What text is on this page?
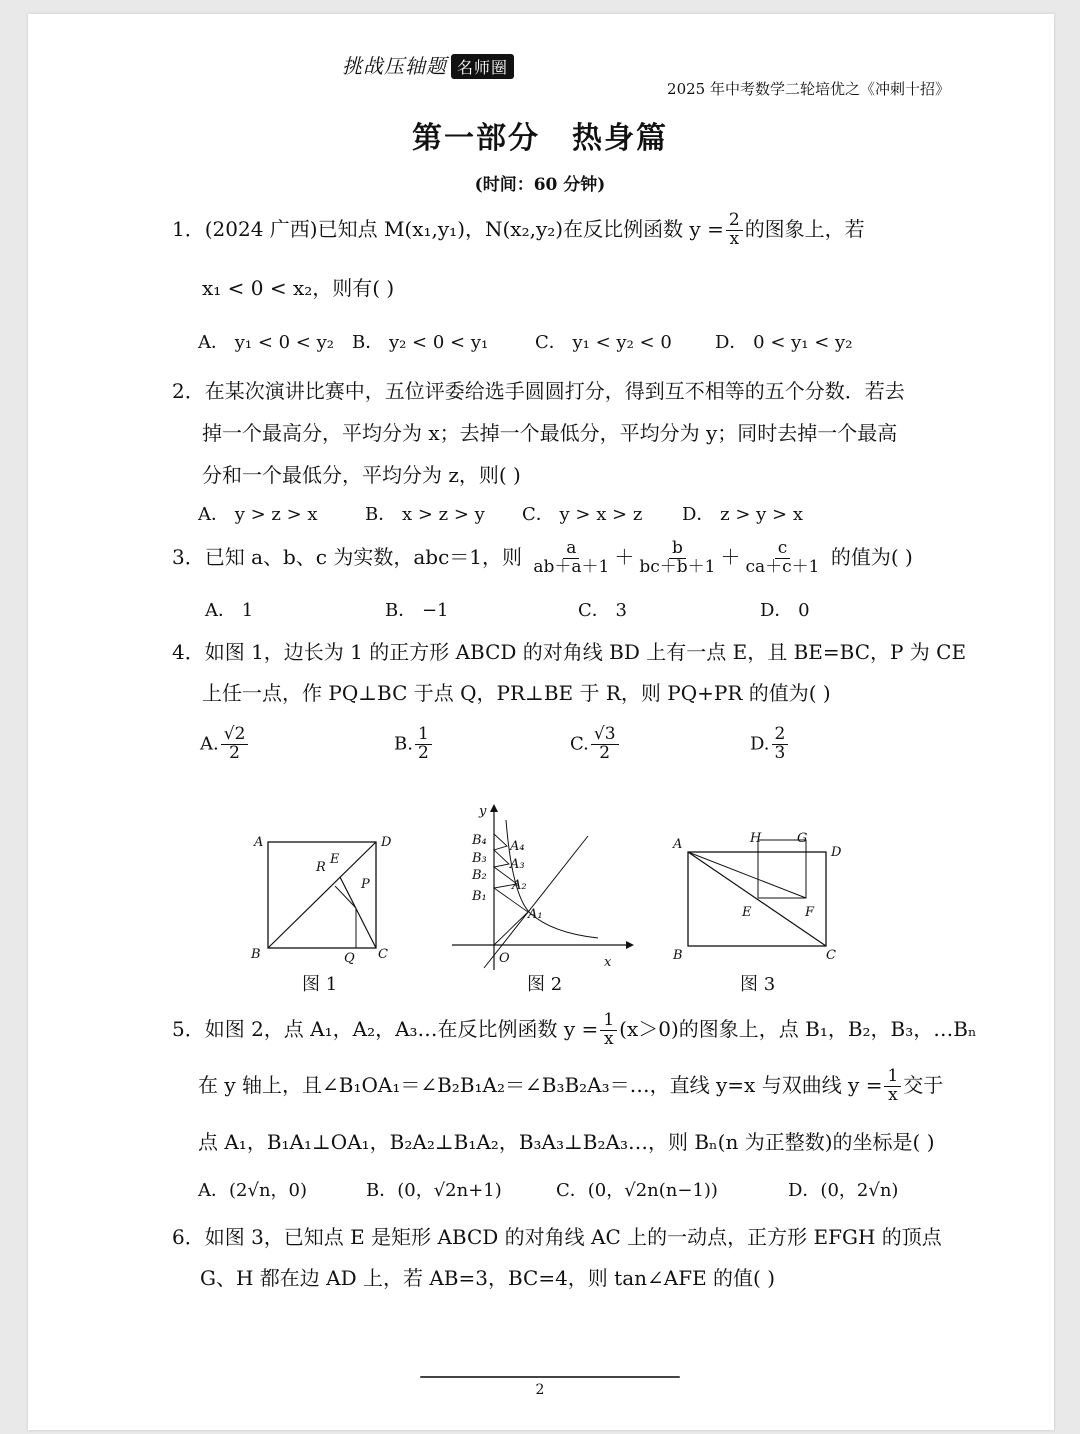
挑战压轴题 名师圈
2025 年中考数学二轮培优之《冲刺十招》
第一部分　热身篇
(时间：60 分钟)
1．(2024 广西)已知点 M(x₁,y₁)，N(x₂,y₂)在反比例函数 $y = \frac{2}{x}$ 的图象上，若
x₁ < 0 < x₂，则有( )
A． y₁ < 0 < y₂ B． y₂ < 0 < y₁	C． y₁ < y₂ < 0 D． 0 < y₁ < y₂
2．在某次演讲比赛中，五位评委给选手圆圆打分，得到互不相等的五个分数．若去
掉一个最高分，平均分为 x；去掉一个最低分，平均分为 y；同时去掉一个最高
分和一个最低分，平均分为 z，则( )
A． y > z > x	B． x > z > y C． y > x > z D． z > y > x
3．已知 a、b、c 为实数，abc＝1，则 $\frac{a}{ab+a+1} + \frac{b}{bc+b+1} + \frac{c}{ca+c+1}$ 的值为( )
A． 1	B． −1	C． 3	D． 0
4．如图 1，边长为 1 的正方形 ABCD 的对角线 BD 上有一点 E，且 BE=BC，P 为 CE
上任一点，作 PQ⊥BC 于点 Q，PR⊥BE 于 R，则 PQ+PR 的值为( )
A. $\frac{√2}{2}$	B. $\frac{1}{2}$	C. $\frac{√3}{2}$	D. $\frac{2}{3}$
A	D
B	C
E
R
P
Q
图 1
y
x
O
B₄
B₃
B₂
B₁
A₄
A₃
A₂
A₁
图 2
A	H	G
D
E	F
B	C
图 3
5．如图 2，点 A₁，A₂，A₃…在反比例函数 $y = \frac{1}{x} (x>0)$的图象上，点 B₁，B₂，B₃，…Bₙ
在 y 轴上，且∠B₁OA₁＝∠B₂B₁A₂＝∠B₃B₂A₃＝…，直线 y=x 与双曲线 $y = \frac{1}{x}$ 交于
点 A₁，B₁A₁⊥OA₁，B₂A₂⊥B₁A₂，B₃A₃⊥B₂A₃…，则 Bₙ(n 为正整数)的坐标是( )
A．(2√n，0)	B．(0，√2n+1)	C．(0，√2n(n−1))	D．(0，2√n)
6．如图 3，已知点 E 是矩形 ABCD 的对角线 AC 上的一动点，正方形 EFGH 的顶点
G、H 都在边 AD 上，若 AB=3，BC=4，则 tan∠AFE 的值( )
2
